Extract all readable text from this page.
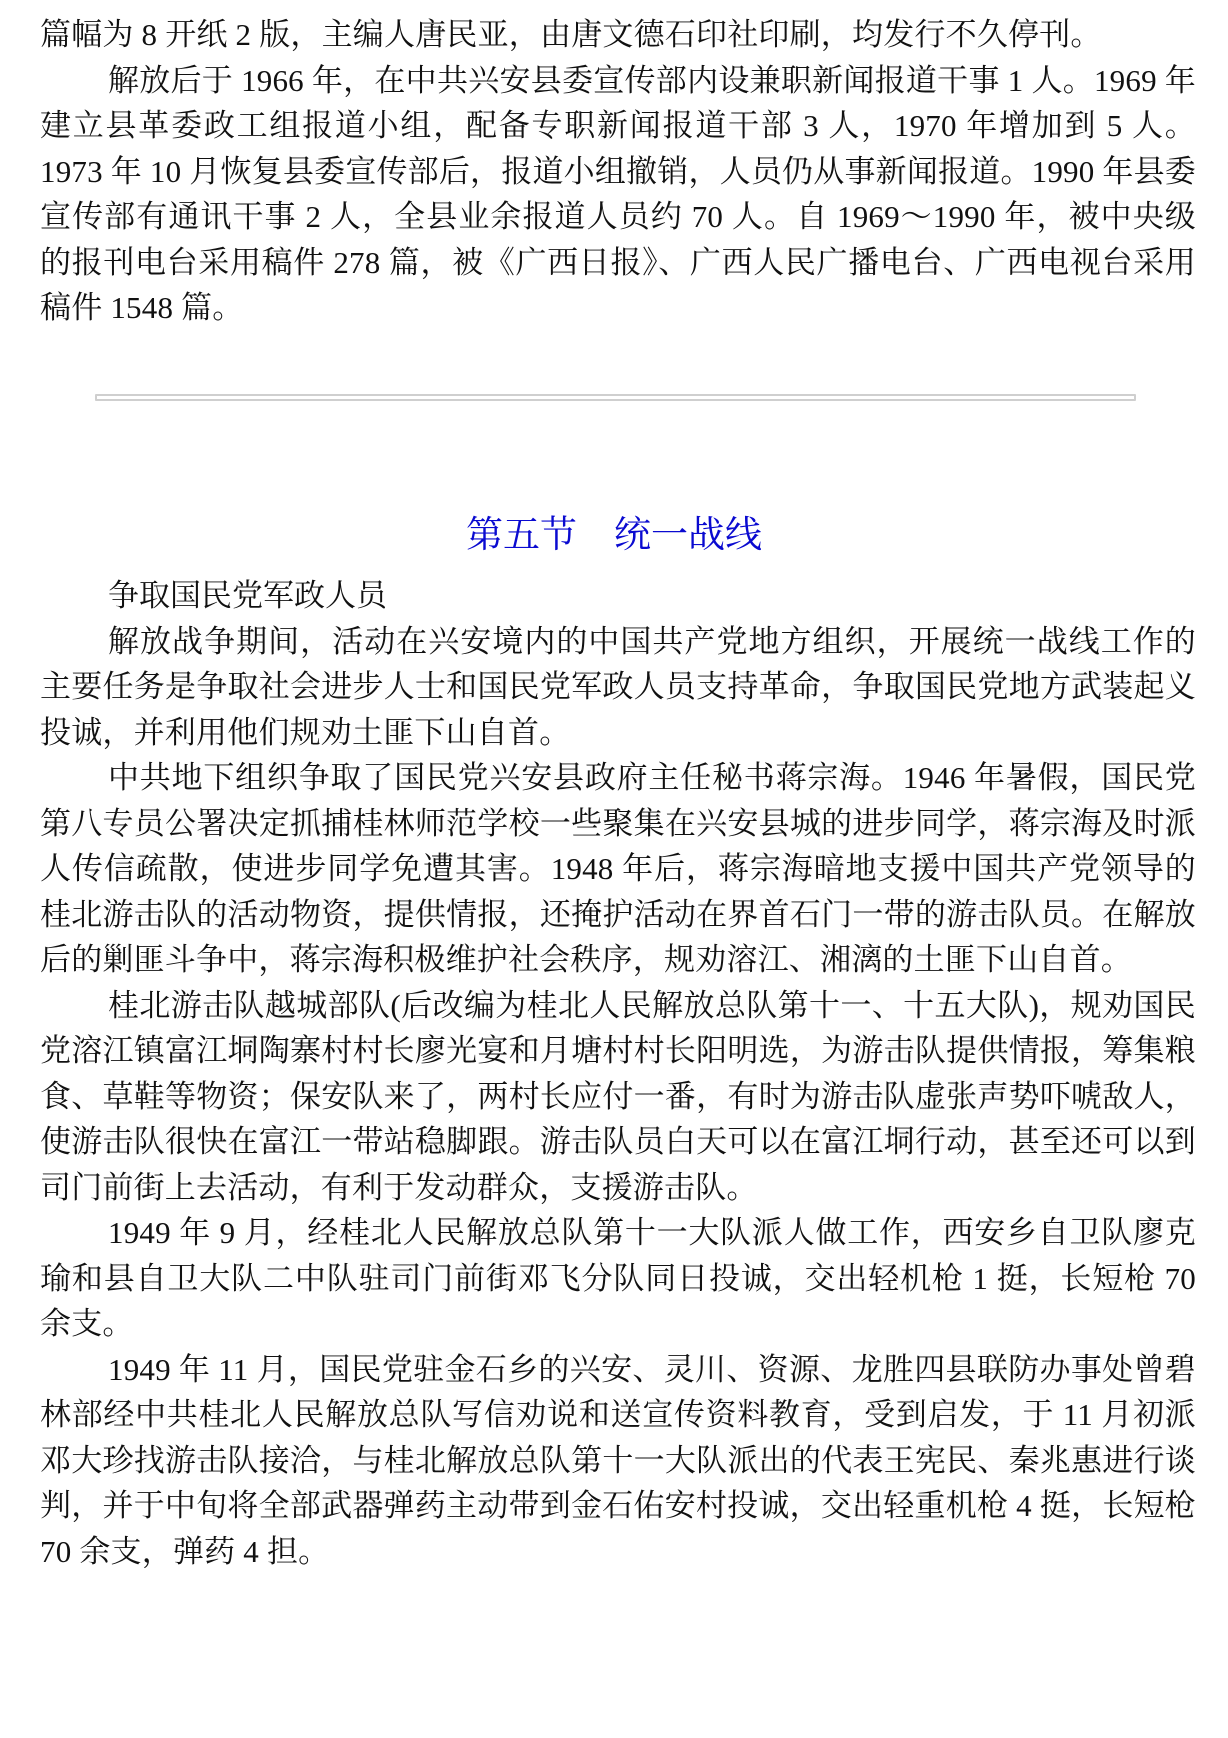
篇幅为 8 开纸 2 版，主编人唐民亚，由唐文德石印社印刷，均发行不久停刊。

解放后于 1966 年，在中共兴安县委宣传部内设兼职新闻报道干事 1 人。1969 年建立县革委政工组报道小组，配备专职新闻报道干部 3 人，1970 年增加到 5 人。1973 年 10 月恢复县委宣传部后，报道小组撤销，人员仍从事新闻报道。1990 年县委宣传部有通讯干事 2 人，全县业余报道人员约 70 人。自 1969～1990 年，被中央级的报刊电台采用稿件 278 篇，被《广西日报》、广西人民广播电台、广西电视台采用稿件 1548 篇。

第五节　统一战线

争取国民党军政人员

解放战争期间，活动在兴安境内的中国共产党地方组织，开展统一战线工作的主要任务是争取社会进步人士和国民党军政人员支持革命，争取国民党地方武装起义投诚，并利用他们规劝土匪下山自首。

中共地下组织争取了国民党兴安县政府主任秘书蒋宗海。1946 年暑假，国民党第八专员公署决定抓捕桂林师范学校一些聚集在兴安县城的进步同学，蒋宗海及时派人传信疏散，使进步同学免遭其害。1948 年后，蒋宗海暗地支援中国共产党领导的桂北游击队的活动物资，提供情报，还掩护活动在界首石门一带的游击队员。在解放后的剿匪斗争中，蒋宗海积极维护社会秩序，规劝溶江、湘漓的土匪下山自首。

桂北游击队越城部队(后改编为桂北人民解放总队第十一、十五大队)，规劝国民党溶江镇富江垌陶寨村村长廖光宴和月塘村村长阳明选，为游击队提供情报，筹集粮食、草鞋等物资；保安队来了，两村长应付一番，有时为游击队虚张声势吓唬敌人，使游击队很快在富江一带站稳脚跟。游击队员白天可以在富江垌行动，甚至还可以到司门前街上去活动，有利于发动群众，支援游击队。

1949 年 9 月，经桂北人民解放总队第十一大队派人做工作，西安乡自卫队廖克瑜和县自卫大队二中队驻司门前街邓飞分队同日投诚，交出轻机枪 1 挺，长短枪 70 余支。

1949 年 11 月，国民党驻金石乡的兴安、灵川、资源、龙胜四县联防办事处曾碧林部经中共桂北人民解放总队写信劝说和送宣传资料教育，受到启发，于 11 月初派邓大珍找游击队接洽，与桂北解放总队第十一大队派出的代表王宪民、秦兆惠进行谈判，并于中旬将全部武器弹药主动带到金石佑安村投诚，交出轻重机枪 4 挺，长短枪 70 余支，弹药 4 担。
